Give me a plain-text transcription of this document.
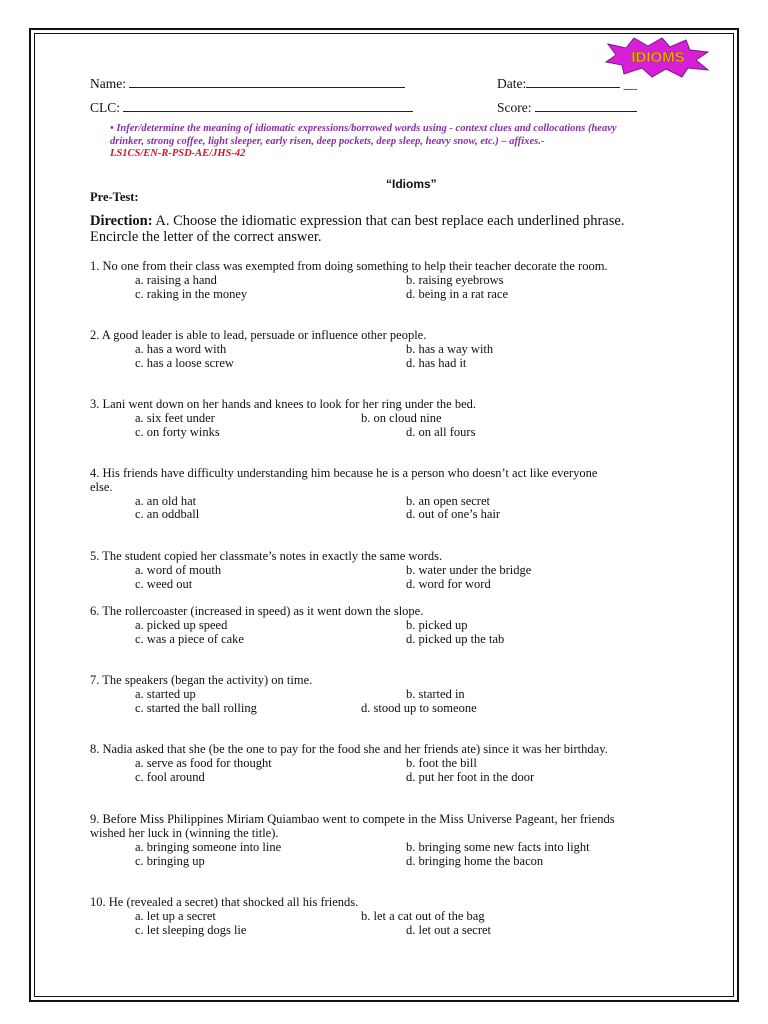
IDIOMS
Name:	Date:	__
CLC:	Score:
• Infer/determine the meaning of idiomatic expressions/borrowed words using - context clues and collocations (heavy
drinker, strong coffee, light sleeper, early risen, deep pockets, deep sleep, heavy snow, etc.) – affixes.-
LS1CS/EN-R-PSD-AE/JHS-42
“Idioms”
Pre-Test:
Direction: A. Choose the idiomatic expression that can best replace each underlined phrase.
Encircle the letter of the correct answer.
1. No one from their class was exempted from doing something to help their teacher decorate the room.
a. raising a hand	b. raising eyebrows
c. raking in the money	d. being in a rat race
2. A good leader is able to lead, persuade or influence other people.
a. has a word with	b. has a way with
c. has a loose screw	d. has had it
3. Lani went down on her hands and knees to look for her ring under the bed.
a. six feet under	b. on cloud nine
c. on forty winks	d. on all fours
4. His friends have difficulty understanding him because he is a person who doesn’t act like everyone
else.
a. an old hat	b. an open secret
c. an oddball	d. out of one’s hair
5. The student copied her classmate’s notes in exactly the same words.
a. word of mouth	b. water under the bridge
c. weed out	d. word for word
6. The rollercoaster (increased in speed) as it went down the slope.
a. picked up speed	b. picked up
c. was a piece of cake	d. picked up the tab
7. The speakers (began the activity) on time.
a. started up	b. started in
c. started the ball rolling	d. stood up to someone
8. Nadia asked that she (be the one to pay for the food she and her friends ate) since it was her birthday.
a. serve as food for thought	b. foot the bill
c. fool around	d. put her foot in the door
9. Before Miss Philippines Miriam Quiambao went to compete in the Miss Universe Pageant, her friends
wished her luck in (winning the title).
a. bringing someone into line	b. bringing some new facts into light
c. bringing up	d. bringing home the bacon
10. He (revealed a secret) that shocked all his friends.
a. let up a secret	b. let a cat out of the bag
c. let sleeping dogs lie	d. let out a secret
